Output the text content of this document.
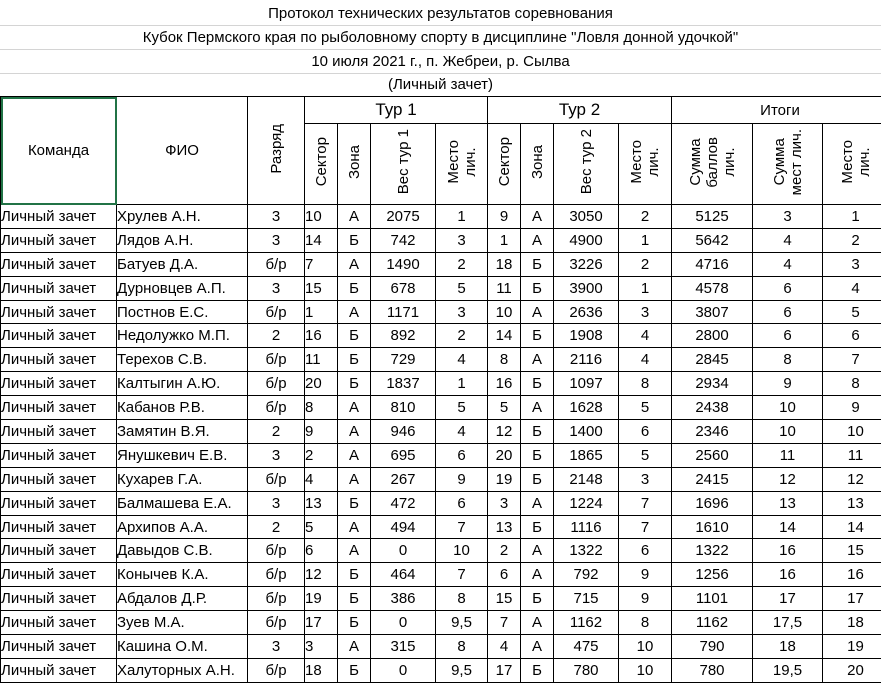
Протокол технических результатов соревнования
Кубок Пермского края по рыболовному спорту в дисциплине "Ловля донной удочкой"
10 июля 2021 г., п. Жебреи, р. Сылва
(Личный зачет)
Команда	ФИО	Разряд	Тур 1				Тур 2				Итоги		

			Сектор	Зона	Вес тур 1	Место лич.	Сектор	Зона	Вес тур 2	Место лич.	Сумма баллов лич.	Сумма мест лич.	Место лич.

Личный зачет	Хрулев А.Н.	3	10	А	2075	1	9	А	3050	2	5125	3	1
Личный зачет	Лядов А.Н.	3	14	Б	742	3	1	А	4900	1	5642	4	2
Личный зачет	Батуев Д.А.	б/р	7	А	1490	2	18	Б	3226	2	4716	4	3
Личный зачет	Дурновцев А.П.	3	15	Б	678	5	11	Б	3900	1	4578	6	4
Личный зачет	Постнов Е.С.	б/р	1	А	1171	3	10	А	2636	3	3807	6	5
Личный зачет	Недолужко М.П.	2	16	Б	892	2	14	Б	1908	4	2800	6	6
Личный зачет	Терехов С.В.	б/р	11	Б	729	4	8	А	2116	4	2845	8	7
Личный зачет	Калтыгин А.Ю.	б/р	20	Б	1837	1	16	Б	1097	8	2934	9	8
Личный зачет	Кабанов Р.В.	б/р	8	А	810	5	5	А	1628	5	2438	10	9
Личный зачет	Замятин В.Я.	2	9	А	946	4	12	Б	1400	6	2346	10	10
Личный зачет	Янушкевич Е.В.	3	2	А	695	6	20	Б	1865	5	2560	11	11
Личный зачет	Кухарев Г.А.	б/р	4	А	267	9	19	Б	2148	3	2415	12	12
Личный зачет	Балмашева Е.А.	3	13	Б	472	6	3	А	1224	7	1696	13	13
Личный зачет	Архипов А.А.	2	5	А	494	7	13	Б	1116	7	1610	14	14
Личный зачет	Давыдов С.В.	б/р	6	А	0	10	2	А	1322	6	1322	16	15
Личный зачет	Конычев К.А.	б/р	12	Б	464	7	6	А	792	9	1256	16	16
Личный зачет	Абдалов Д.Р.	б/р	19	Б	386	8	15	Б	715	9	1101	17	17
Личный зачет	Зуев М.А.	б/р	17	Б	0	9,5	7	А	1162	8	1162	17,5	18
Личный зачет	Кашина О.М.	3	3	А	315	8	4	А	475	10	790	18	19
Личный зачет	Халуторных А.Н.	б/р	18	Б	0	9,5	17	Б	780	10	780	19,5	20
